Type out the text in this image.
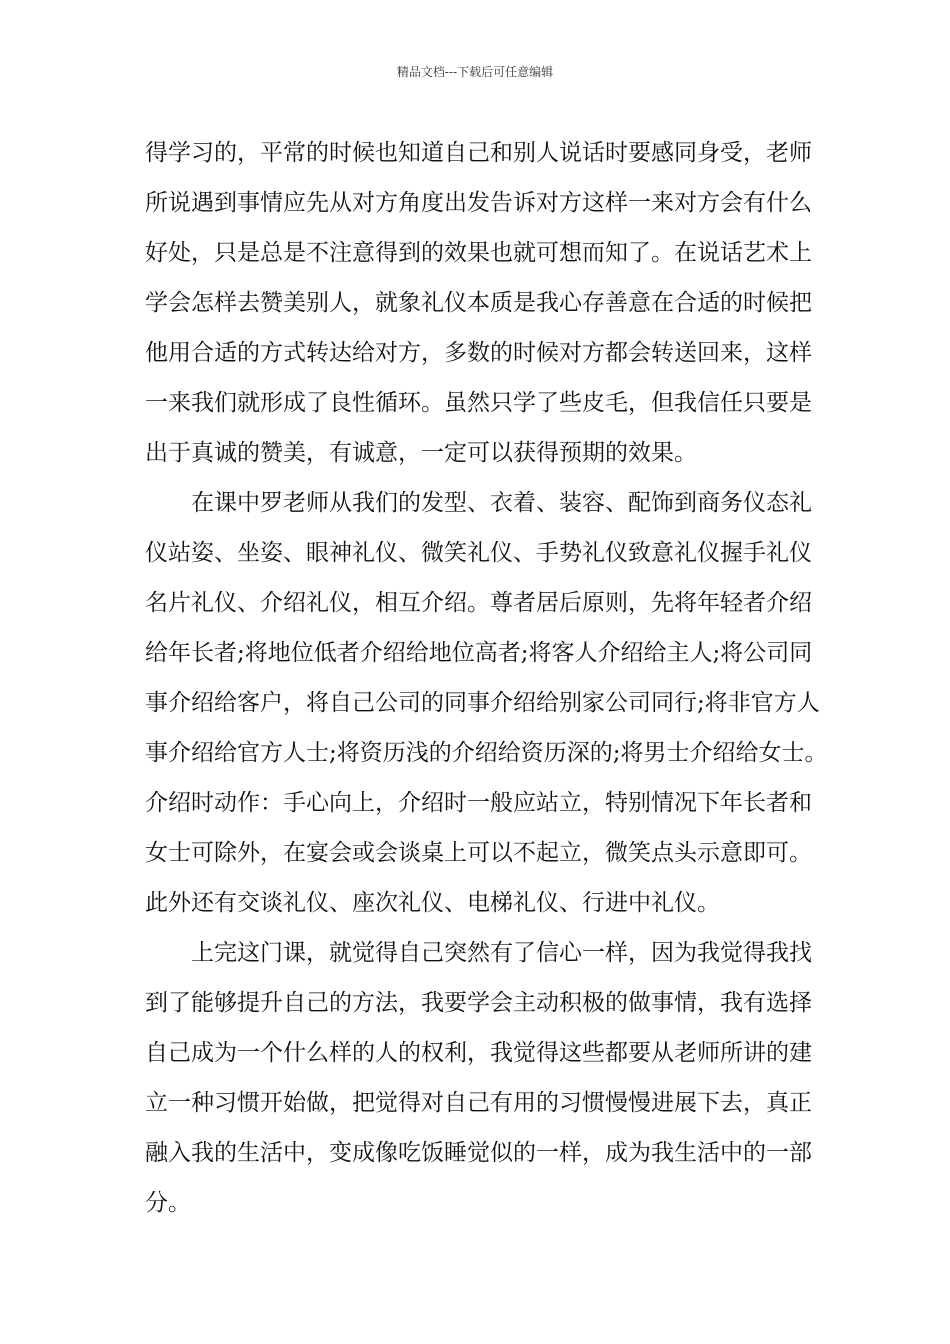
精品文档---下载后可任意编辑
得学习的，平常的时候也知道自己和别人说话时要感同身受，老师
所说遇到事情应先从对方角度出发告诉对方这样一来对方会有什么
好处，只是总是不注意得到的效果也就可想而知了。在说话艺术上
学会怎样去赞美别人，就象礼仪本质是我心存善意在合适的时候把
他用合适的方式转达给对方，多数的时候对方都会转送回来，这样
一来我们就形成了良性循环。虽然只学了些皮毛，但我信任只要是
出于真诚的赞美，有诚意，一定可以获得预期的效果。
　　在课中罗老师从我们的发型、衣着、装容、配饰到商务仪态礼
仪站姿、坐姿、眼神礼仪、微笑礼仪、手势礼仪致意礼仪握手礼仪
名片礼仪、介绍礼仪，相互介绍。尊者居后原则，先将年轻者介绍
给年长者;将地位低者介绍给地位高者;将客人介绍给主人;将公司同
事介绍给客户，将自己公司的同事介绍给别家公司同行;将非官方人
事介绍给官方人士;将资历浅的介绍给资历深的;将男士介绍给女士。
介绍时动作：手心向上，介绍时一般应站立，特别情况下年长者和
女士可除外，在宴会或会谈桌上可以不起立，微笑点头示意即可。
此外还有交谈礼仪、座次礼仪、电梯礼仪、行进中礼仪。
　　上完这门课，就觉得自己突然有了信心一样，因为我觉得我找
到了能够提升自己的方法，我要学会主动积极的做事情，我有选择
自己成为一个什么样的人的权利，我觉得这些都要从老师所讲的建
立一种习惯开始做，把觉得对自己有用的习惯慢慢进展下去，真正
融入我的生活中，变成像吃饭睡觉似的一样，成为我生活中的一部
分。
